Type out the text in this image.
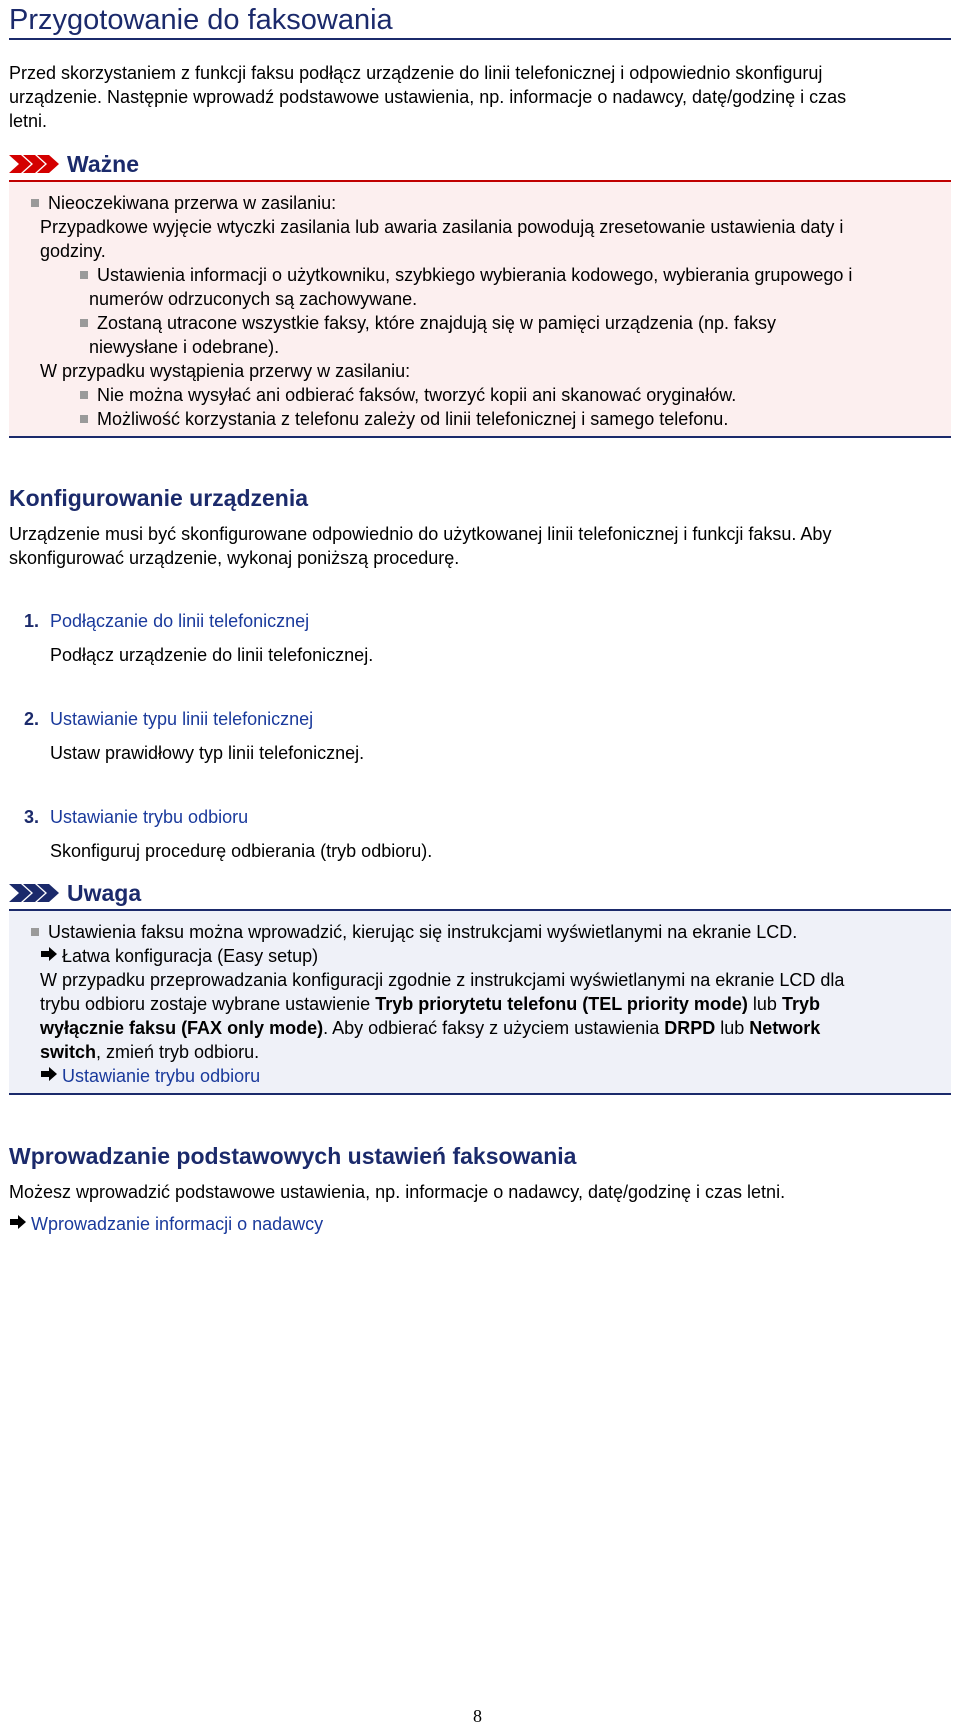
Przygotowanie do faksowania
Przed skorzystaniem z funkcji faksu podłącz urządzenie do linii telefonicznej i odpowiednio skonfiguruj
urządzenie. Następnie wprowadź podstawowe ustawienia, np. informacje o nadawcy, datę/godzinę i czas
letni.
Ważne
Nieoczekiwana przerwa w zasilaniu:
Przypadkowe wyjęcie wtyczki zasilania lub awaria zasilania powodują zresetowanie ustawienia daty i
godziny.
Ustawienia informacji o użytkowniku, szybkiego wybierania kodowego, wybierania grupowego i
numerów odrzuconych są zachowywane.
Zostaną utracone wszystkie faksy, które znajdują się w pamięci urządzenia (np. faksy
niewysłane i odebrane).
W przypadku wystąpienia przerwy w zasilaniu:
Nie można wysyłać ani odbierać faksów, tworzyć kopii ani skanować oryginałów.
Możliwość korzystania z telefonu zależy od linii telefonicznej i samego telefonu.
Konfigurowanie urządzenia
Urządzenie musi być skonfigurowane odpowiednio do użytkowanej linii telefonicznej i funkcji faksu. Aby
skonfigurować urządzenie, wykonaj poniższą procedurę.
1. Podłączanie do linii telefonicznej
Podłącz urządzenie do linii telefonicznej.
2. Ustawianie typu linii telefonicznej
Ustaw prawidłowy typ linii telefonicznej.
3. Ustawianie trybu odbioru
Skonfiguruj procedurę odbierania (tryb odbioru).
Uwaga
Ustawienia faksu można wprowadzić, kierując się instrukcjami wyświetlanymi na ekranie LCD.
Łatwa konfiguracja (Easy setup)
W przypadku przeprowadzania konfiguracji zgodnie z instrukcjami wyświetlanymi na ekranie LCD dla
trybu odbioru zostaje wybrane ustawienie Tryb priorytetu telefonu (TEL priority mode) lub Tryb
wyłącznie faksu (FAX only mode). Aby odbierać faksy z użyciem ustawienia DRPD lub Network
switch, zmień tryb odbioru.
Ustawianie trybu odbioru
Wprowadzanie podstawowych ustawień faksowania
Możesz wprowadzić podstawowe ustawienia, np. informacje o nadawcy, datę/godzinę i czas letni.
Wprowadzanie informacji o nadawcy
8
